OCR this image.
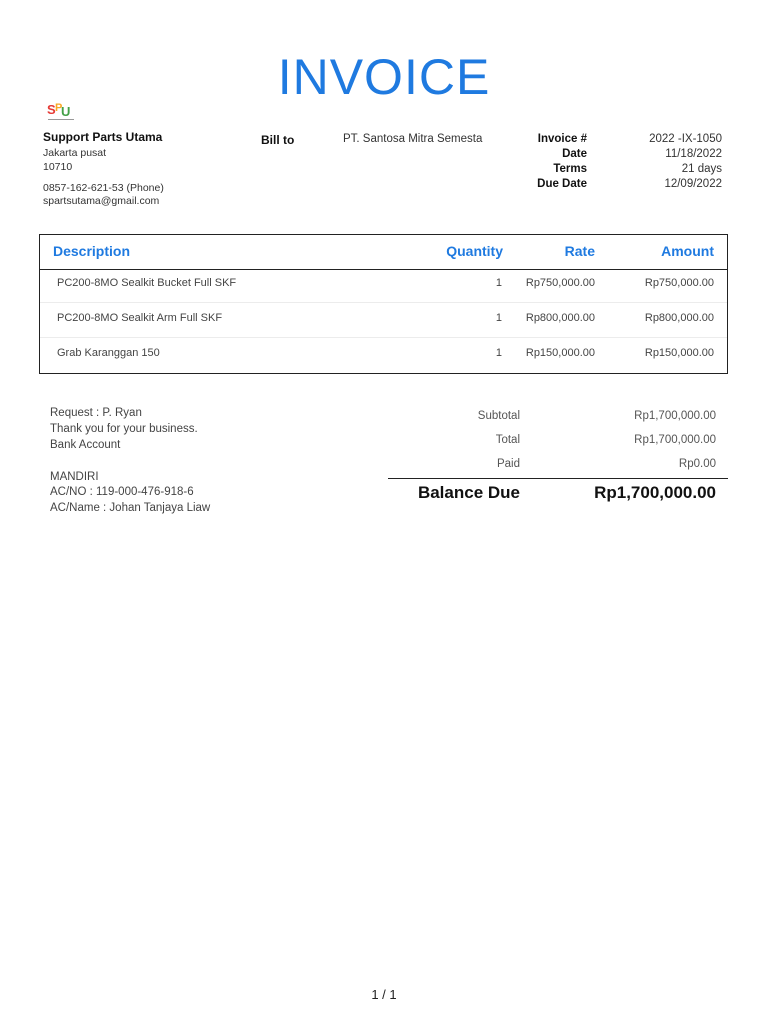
INVOICE
S P
U
Support Parts Utama
Jakarta pusat
10710
0857-162-621-53 (Phone)
spartsutama@gmail.com
Bill to	PT. Santosa Mitra Semesta	Invoice #	2022 -IX-1050
Date	11/18/2022
Terms	21 days
Due Date	12/09/2022
Description	Quantity	Rate	Amount
PC200-8MO Sealkit Bucket Full SKF	1 Rp750,000.00	Rp750,000.00
PC200-8MO Sealkit Arm Full SKF	1 Rp800,000.00	Rp800,000.00
Grab Karanggan 150	1 Rp150,000.00	Rp150,000.00
Request : P. Ryan
Thank you for your business.
Bank Account
MANDIRI
AC/NO : 119-000-476-918-6
AC/Name : Johan Tanjaya Liaw
Subtotal	Rp1,700,000.00
Total	Rp1,700,000.00
Paid	Rp0.00
Balance Due	Rp1,700,000.00
1 / 1
